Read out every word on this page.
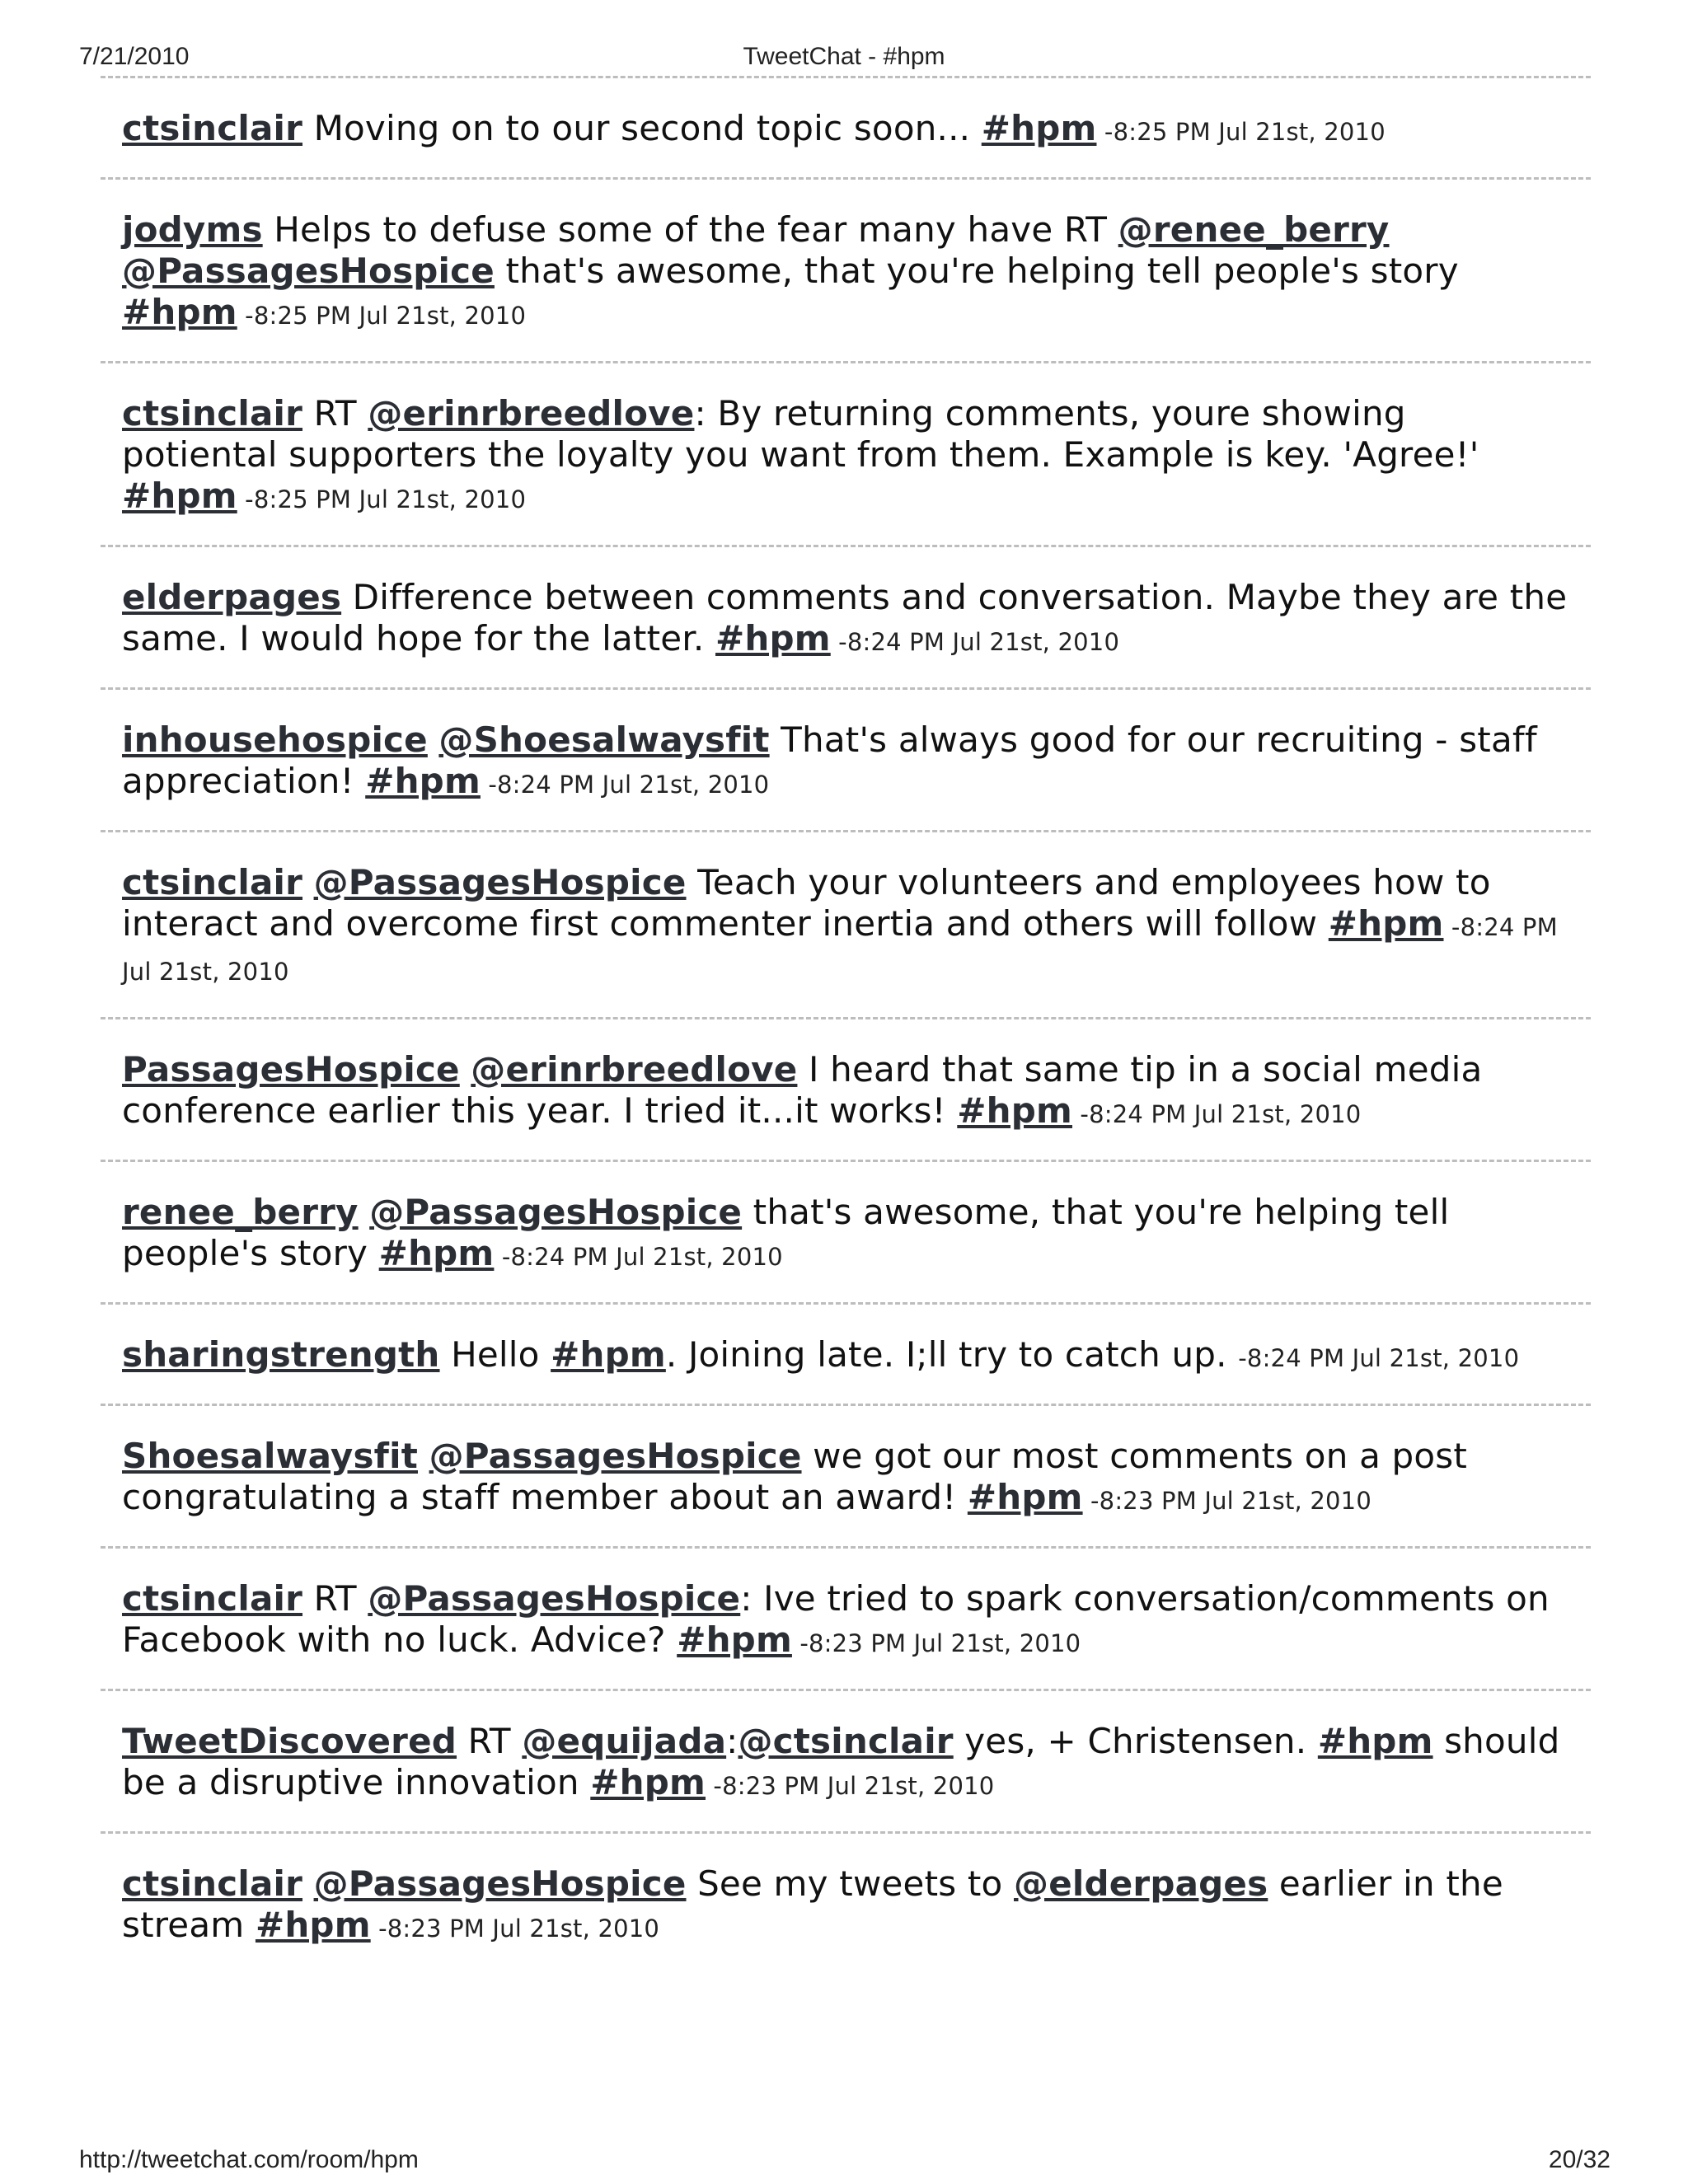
7/21/2010	TweetChat - #hpm
ctsinclair Moving on to our second topic soon... #hpm -8:25 PM Jul 21st, 2010
jodyms Helps to defuse some of the fear many have RT @renee_berry @PassagesHospice that's awesome, that you're helping tell people's story #hpm -8:25 PM Jul 21st, 2010
ctsinclair RT @erinrbreedlove: By returning comments, youre showing potiental supporters the loyalty you want from them. Example is key. 'Agree!' #hpm -8:25 PM Jul 21st, 2010
elderpages Difference between comments and conversation. Maybe they are the same. I would hope for the latter. #hpm -8:24 PM Jul 21st, 2010
inhousehospice @Shoesalwaysfit That's always good for our recruiting - staff appreciation! #hpm -8:24 PM Jul 21st, 2010
ctsinclair @PassagesHospice Teach your volunteers and employees how to interact and overcome first commenter inertia and others will follow #hpm -8:24 PM Jul 21st, 2010
PassagesHospice @erinrbreedlove I heard that same tip in a social media conference earlier this year. I tried it...it works! #hpm -8:24 PM Jul 21st, 2010
renee_berry @PassagesHospice that's awesome, that you're helping tell people's story #hpm -8:24 PM Jul 21st, 2010
sharingstrength Hello #hpm. Joining late. I;ll try to catch up. -8:24 PM Jul 21st, 2010
Shoesalwaysfit @PassagesHospice we got our most comments on a post congratulating a staff member about an award! #hpm -8:23 PM Jul 21st, 2010
ctsinclair RT @PassagesHospice: Ive tried to spark conversation/comments on Facebook with no luck. Advice? #hpm -8:23 PM Jul 21st, 2010
TweetDiscovered RT @equijada:@ctsinclair yes, + Christensen. #hpm should be a disruptive innovation #hpm -8:23 PM Jul 21st, 2010
ctsinclair @PassagesHospice See my tweets to @elderpages earlier in the stream #hpm -8:23 PM Jul 21st, 2010
http://tweetchat.com/room/hpm	20/32
